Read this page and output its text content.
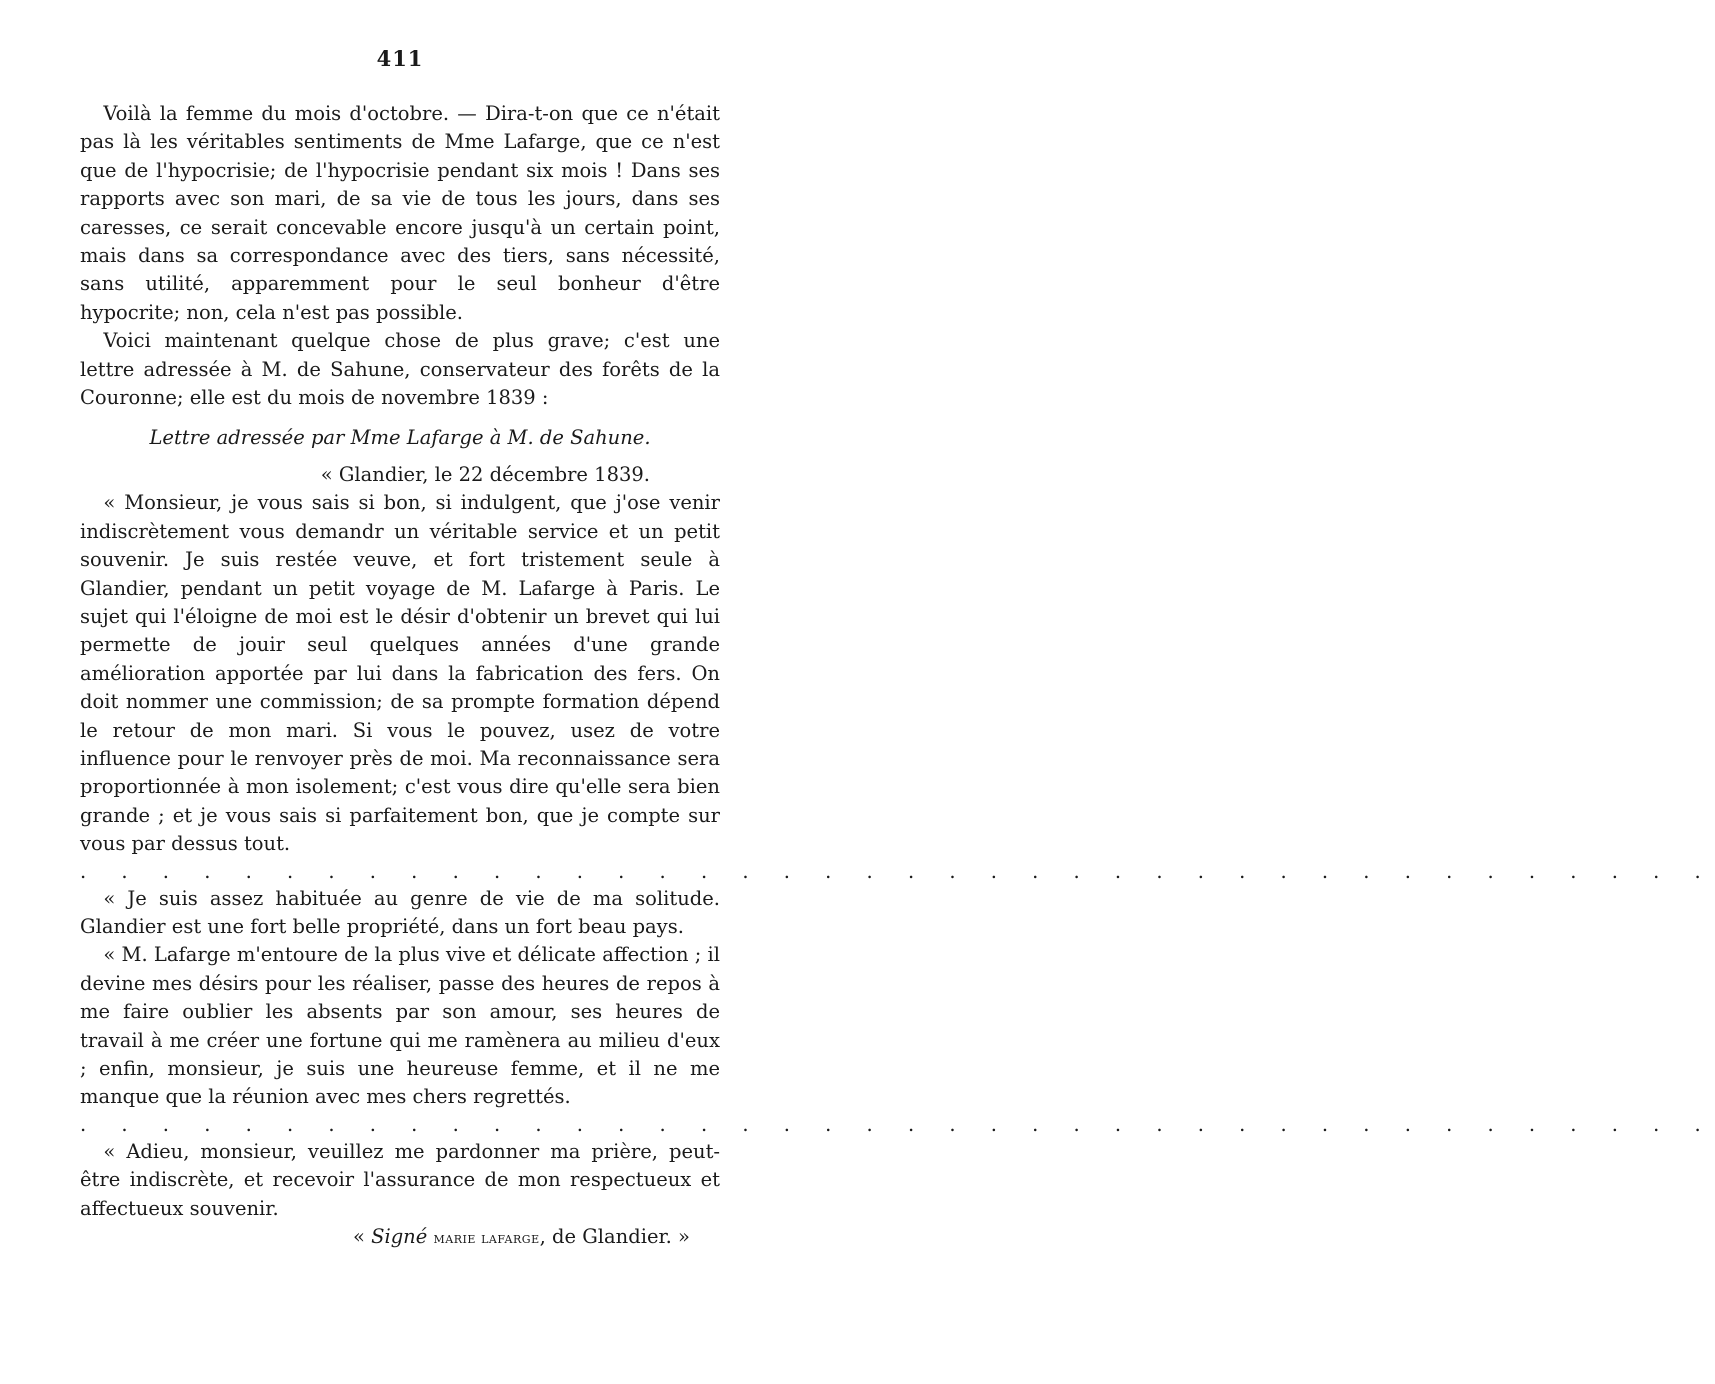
411

Voilà la femme du mois d'octobre. — Dira-t-on que ce n'était pas là les véritables sentiments de Mme Lafarge, que ce n'est que de l'hypocrisie; de l'hypocrisie pendant six mois ! Dans ses rapports avec son mari, de sa vie de tous les jours, dans ses caresses, ce serait concevable encore jusqu'à un certain point, mais dans sa correspondance avec des tiers, sans nécessité, sans utilité, apparemment pour le seul bonheur d'être hypocrite; non, cela n'est pas possible.

Voici maintenant quelque chose de plus grave; c'est une lettre adressée à M. de Sahune, conservateur des forêts de la Couronne; elle est du mois de novembre 1839 :

Lettre adressée par Mme Lafarge à M. de Sahune.

« Glandier, le 22 décembre 1839.

« Monsieur, je vous sais si bon, si indulgent, que j'ose venir indiscrètement vous demandr un véritable service et un petit souvenir. Je suis restée veuve, et fort tristement seule à Glandier, pendant un petit voyage de M. Lafarge à Paris. Le sujet qui l'éloigne de moi est le désir d'obtenir un brevet qui lui permette de jouir seul quelques années d'une grande amélioration apportée par lui dans la fabrication des fers. On doit nommer une commission; de sa prompte formation dépend le retour de mon mari. Si vous le pouvez, usez de votre influence pour le renvoyer près de moi. Ma reconnaissance sera proportionnée à mon isolement; c'est vous dire qu'elle sera bien grande ; et je vous sais si parfaitement bon, que je compte sur vous par dessus tout.

. . . . . . . . . . . . . . . . . . . . . . . . . . . . . . . . . . . . . . . .

« Je suis assez habituée au genre de vie de ma solitude. Glandier est une fort belle propriété, dans un fort beau pays.

« M. Lafarge m'entoure de la plus vive et délicate affection ; il devine mes désirs pour les réaliser, passe des heures de repos à me faire oublier les absents par son amour, ses heures de travail à me créer une fortune qui me ramènera au milieu d'eux ; enfin, monsieur, je suis une heureuse femme, et il ne me manque que la réunion avec mes chers regrettés.

. . . . . . . . . . . . . . . . . . . . . . . . . . . . . . . . . . . . . . . .

« Adieu, monsieur, veuillez me pardonner ma prière, peut-être indiscrète, et recevoir l'assurance de mon respectueux et affectueux souvenir.

« Signé marie lafarge, de Glandier. »
